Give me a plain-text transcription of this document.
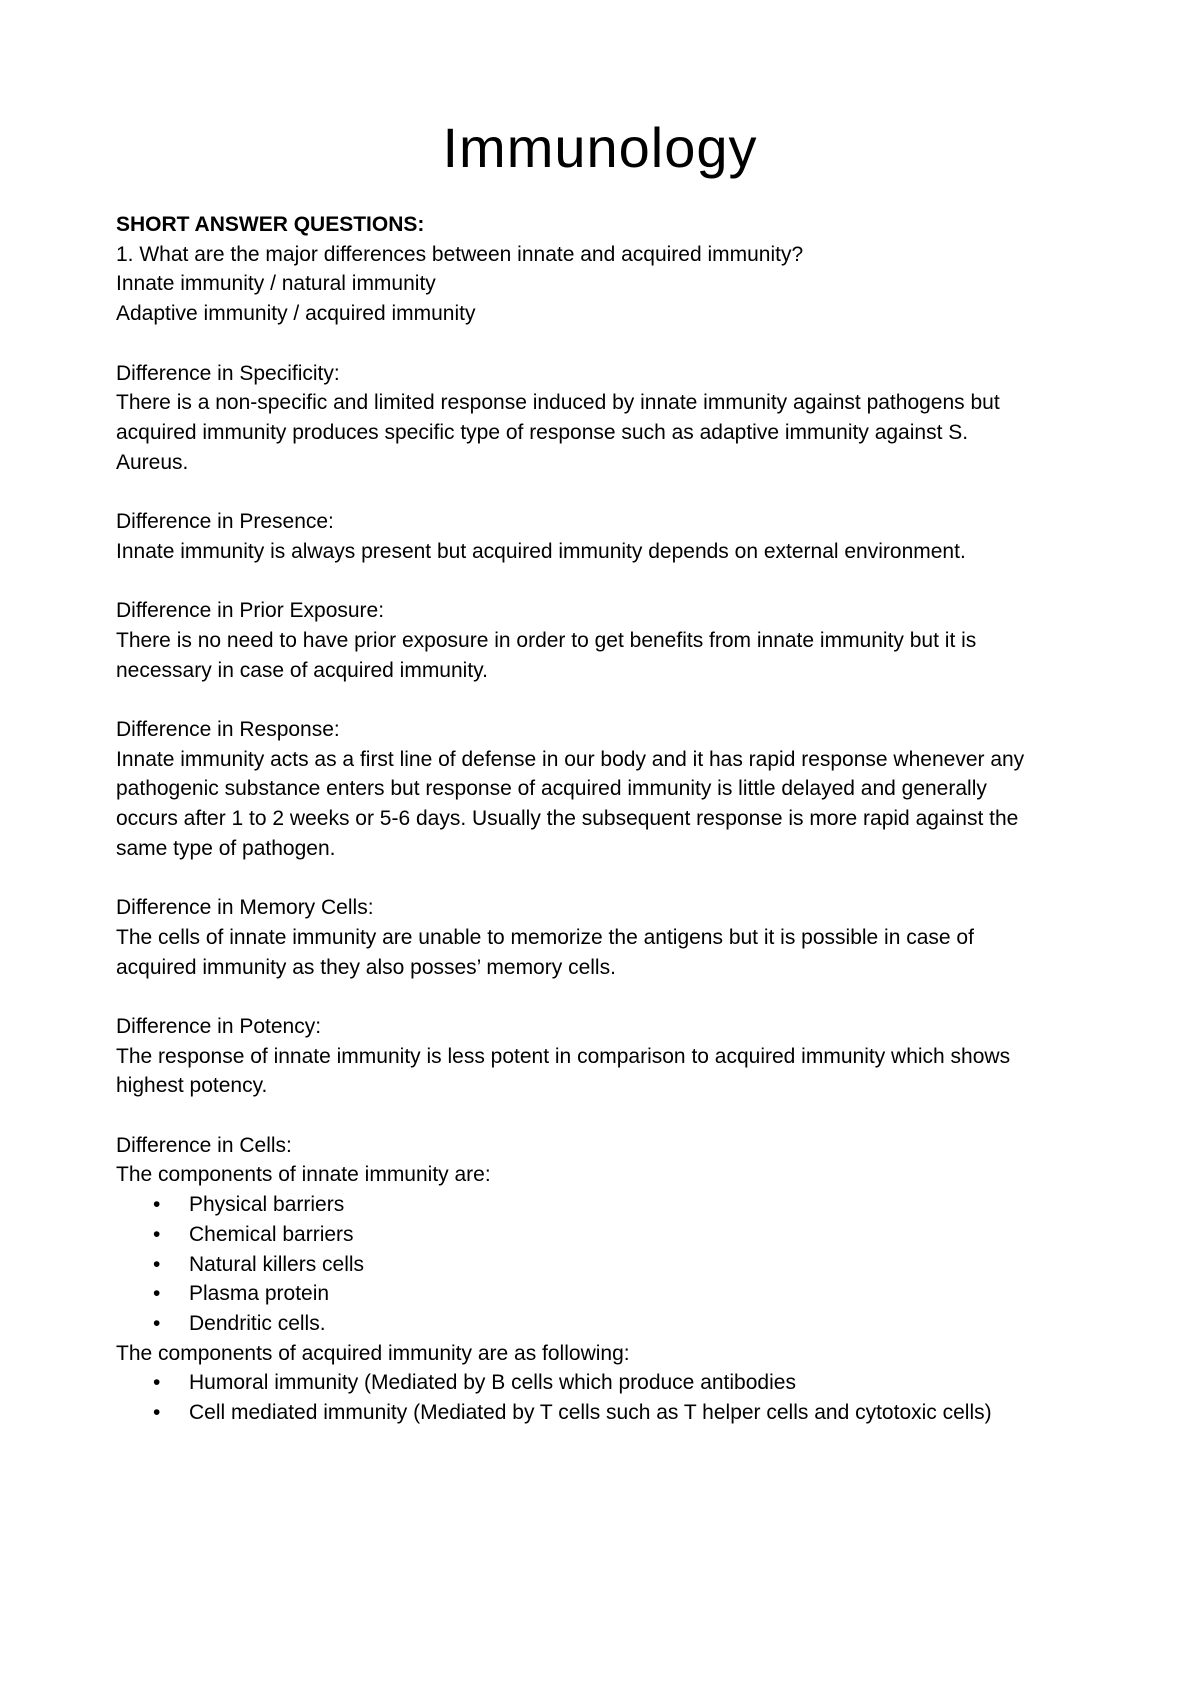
Immunology
SHORT ANSWER QUESTIONS:
1. What are the major differences between innate and acquired immunity?
Innate immunity / natural immunity
Adaptive immunity / acquired immunity
Difference in Specificity:
There is a non-specific and limited response induced by innate immunity against pathogens but
acquired immunity produces specific type of response such as adaptive immunity against S.
Aureus.
Difference in Presence:
Innate immunity is always present but acquired immunity depends on external environment.
Difference in Prior Exposure:
There is no need to have prior exposure in order to get benefits from innate immunity but it is
necessary in case of acquired immunity.
Difference in Response:
Innate immunity acts as a first line of defense in our body and it has rapid response whenever any
pathogenic substance enters but response of acquired immunity is little delayed and generally
occurs after 1 to 2 weeks or 5-6 days. Usually the subsequent response is more rapid against the
same type of pathogen.
Difference in Memory Cells:
The cells of innate immunity are unable to memorize the antigens but it is possible in case of
acquired immunity as they also posses’ memory cells.
Difference in Potency:
The response of innate immunity is less potent in comparison to acquired immunity which shows
highest potency.
Difference in Cells:
The components of innate immunity are:
• Physical barriers
• Chemical barriers
• Natural killers cells
• Plasma protein
• Dendritic cells.
The components of acquired immunity are as following:
• Humoral immunity (Mediated by B cells which produce antibodies
• Cell mediated immunity (Mediated by T cells such as T helper cells and cytotoxic cells)
